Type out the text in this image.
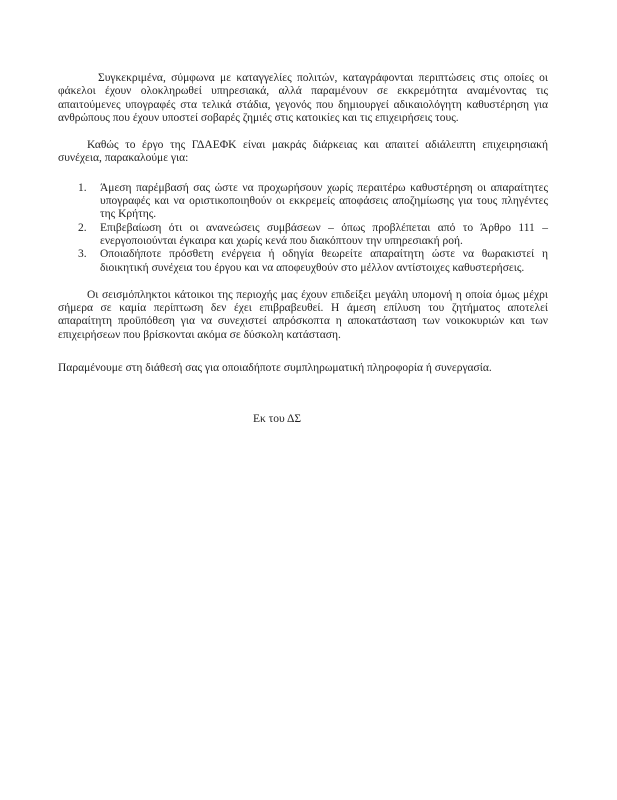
Συγκεκριμένα, σύμφωνα με καταγγελίες πολιτών, καταγράφονται περιπτώσεις στις οποίες οι φάκελοι έχουν ολοκληρωθεί υπηρεσιακά, αλλά παραμένουν σε εκκρεμότητα αναμένοντας τις απαιτούμενες υπογραφές στα τελικά στάδια, γεγονός που δημιουργεί αδικαιολόγητη καθυστέρηση για ανθρώπους που έχουν υποστεί σοβαρές ζημιές στις κατοικίες και τις επιχειρήσεις τους.

Καθώς το έργο της ΓΔΑΕΦΚ είναι μακράς διάρκειας και απαιτεί αδιάλειπτη επιχειρησιακή συνέχεια, παρακαλούμε για:

1.	Άμεση παρέμβασή σας ώστε να προχωρήσουν χωρίς περαιτέρω καθυστέρηση οι απαραίτητες υπογραφές και να οριστικοποιηθούν οι εκκρεμείς αποφάσεις αποζημίωσης για τους πληγέντες της Κρήτης.
2.	Επιβεβαίωση ότι οι ανανεώσεις συμβάσεων – όπως προβλέπεται από το Άρθρο 111 – ενεργοποιούνται έγκαιρα και χωρίς κενά που διακόπτουν την υπηρεσιακή ροή.
3.	Οποιαδήποτε πρόσθετη ενέργεια ή οδηγία θεωρείτε απαραίτητη ώστε να θωρακιστεί η διοικητική συνέχεια του έργου και να αποφευχθούν στο μέλλον αντίστοιχες καθυστερήσεις.

Οι σεισμόπληκτοι κάτοικοι της περιοχής μας έχουν επιδείξει μεγάλη υπομονή η οποία όμως μέχρι σήμερα σε καμία περίπτωση δεν έχει επιβραβευθεί. Η άμεση επίλυση του ζητήματος αποτελεί απαραίτητη προϋπόθεση για να συνεχιστεί απρόσκοπτα η αποκατάσταση των νοικοκυριών και των επιχειρήσεων που βρίσκονται ακόμα σε δύσκολη κατάσταση.

Παραμένουμε στη διάθεσή σας για οποιαδήποτε συμπληρωματική πληροφορία ή συνεργασία.

Εκ του ΔΣ
